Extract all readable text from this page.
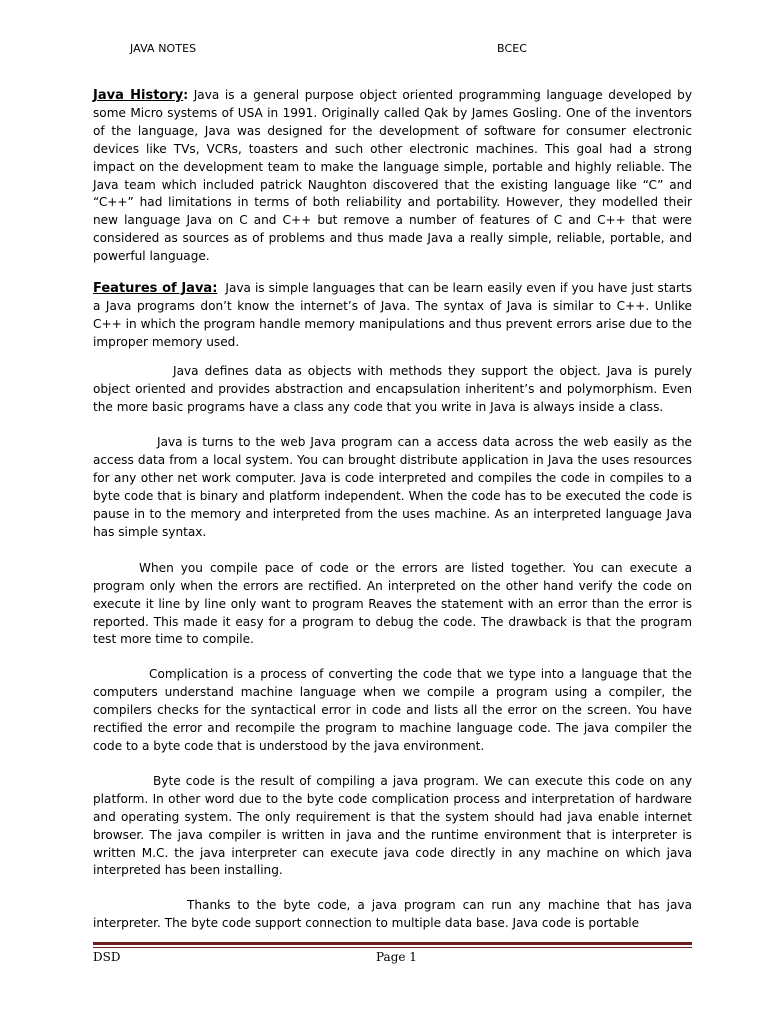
JAVA NOTES	BCEC

Java History: Java is a general purpose object oriented programming language developed by some Micro systems of USA in 1991. Originally called Qak by James Gosling. One of the inventors of the language, Java was designed for the development of software for consumer electronic devices like TVs, VCRs, toasters and such other electronic machines. This goal had a strong impact on the development team to make the language simple, portable and highly reliable. The Java team which included patrick Naughton discovered that the existing language like “C” and “C++” had limitations in terms of both reliability and portability. However, they modelled their new language Java on C and C++ but remove a number of features of C and C++ that were considered as sources as of problems and thus made Java a really simple, reliable, portable, and powerful language.

Features of Java:  Java is simple languages that can be learn easily even if you have just starts a Java programs don’t know the internet’s of Java. The syntax of Java is similar to C++. Unlike C++ in which the program handle memory manipulations and thus prevent errors arise due to the improper memory used.

Java defines data as objects with methods they support the object. Java is purely object oriented and provides abstraction and encapsulation inheritent’s and polymorphism. Even the more basic programs have a class any code that you write in Java is always inside a class.

Java is turns to the web Java program can a access data across the web easily as the access data from a local system. You can brought distribute application in Java the uses resources for any other net work computer. Java is code interpreted and compiles the code in compiles to a byte code that is binary and platform independent. When the code has to be executed the code is pause in to the memory and interpreted from the uses machine. As an interpreted language Java has simple syntax.

When you compile pace of code or the errors are listed together. You can execute a program only when the errors are rectified. An interpreted on the other hand verify the code on execute it line by line only want to program Reaves the statement with an error than the error is reported. This made it easy for a program to debug the code. The drawback is that the program test more time to compile.

Complication is a process of converting the code that we type into a language that the computers understand machine language when we compile a program using a compiler, the compilers checks for the syntactical error in code and lists all the error on the screen. You have rectified the error and recompile the program to machine language code. The java compiler the code to a byte code that is understood by the java environment.

Byte code is the result of compiling a java program. We can execute this code on any platform. In other word due to the byte code complication process and interpretation of hardware and operating system. The only requirement is that the system should had java enable internet browser. The java compiler is written in java and the runtime environment that is interpreter is written M.C. the java interpreter can execute java code directly in any machine on which java interpreted has been installing.

Thanks to the byte code, a java program can run any machine that has java interpreter. The byte code support connection to multiple data base. Java code is portable

DSD	Page 1
